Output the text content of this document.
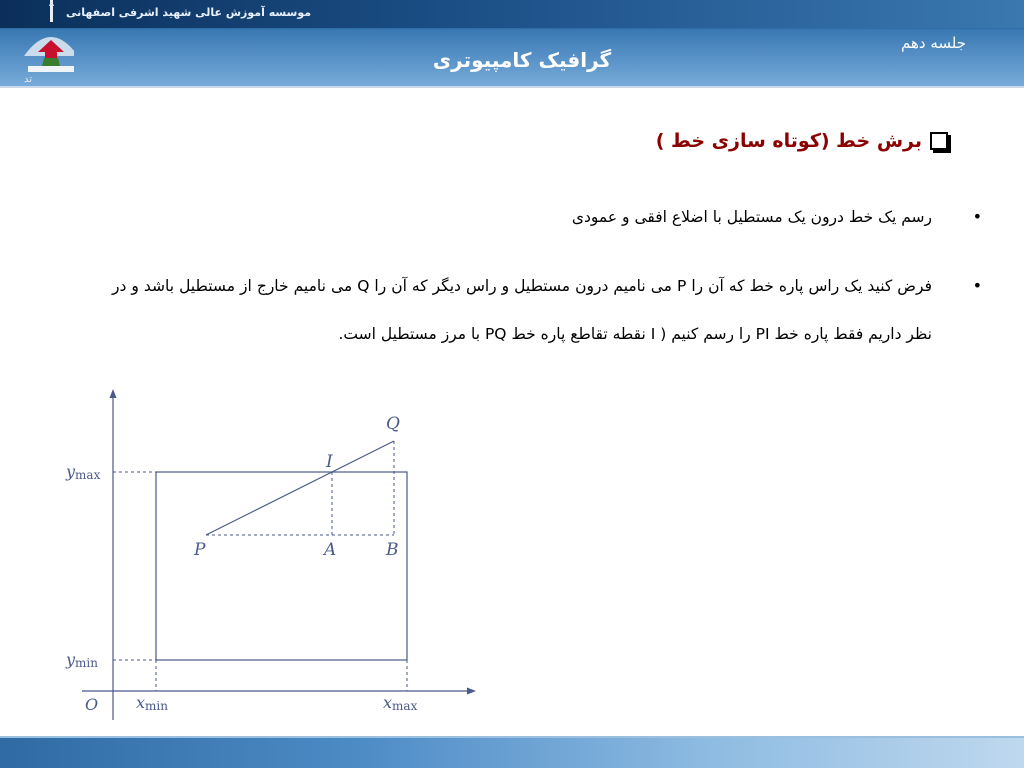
تد
موسسه آموزش عالی شهید اشرفی اصفهانی
جلسه دهم
گرافیک کامپیوتری
برش خط (کوتاه سازی خط )
•
رسم یک خط درون یک مستطیل با اضلاع افقی و عمودی
•
فرض کنید یک راس پاره خط که آن را P می نامیم درون مستطیل و راس دیگر که آن را Q می نامیم خارج از مستطیل باشد و در نظر داریم فقط پاره خط PI را رسم کنیم ( I نقطه تقاطع پاره خط PQ با مرز مستطیل است.
ymax
ymin
O xmin	xmax
P	A	B
I
Q
